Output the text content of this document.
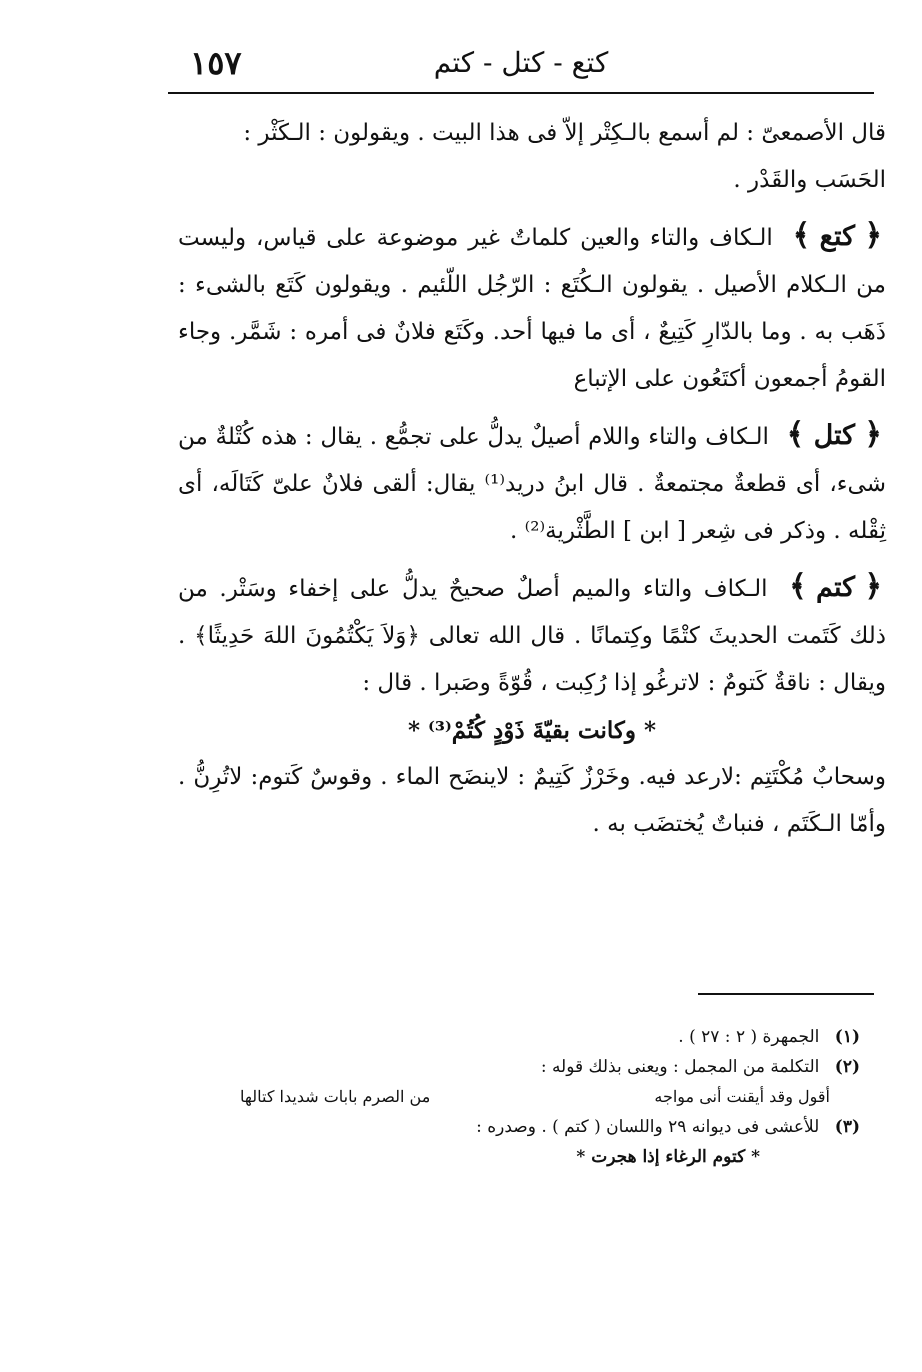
١٥٧	كتع - كتل - كتم

قال الأصمعىّ : لم أسمع بالـكِتْر إلاّ فى هذا البيت . ويقولون : الـكَثْر :

الحَسَب والقَدْر .

﴿ كتع ﴾ الـكاف والتاء والعين كلماتٌ غير موضوعة على قياس، وليست من الـكلام الأصيل . يقولون الـكُتَع : الرّجُل اللّئيم . ويقولون كَتَع بالشىء : ذَهَب به . وما بالدّارِ كَتِيعٌ ، أى ما فيها أحد. وكَتَع فلانٌ فى أمره : شَمَّر. وجاء القومُ أجمعون أكتَعُون على الإتباع

﴿ كتل ﴾ الـكاف والتاء واللام أصيلٌ يدلُّ على تجمُّع . يقال : هذه كُتْلةٌ من شىء، أى قطعةٌ مجتمعةٌ . قال ابنُ دريد⁽¹⁾ يقال: ألقى فلانٌ علىّ كَتَالَه، أى ثِقْله . وذكر فى شِعر [ ابن ] الطَّثْرية⁽²⁾ .

﴿ كتم ﴾ الـكاف والتاء والميم أصلٌ صحيحٌ يدلُّ على إخفاء وسَتْر. من ذلك كَتَمت الحديثَ كتْمًا وكِتمانًا . قال الله تعالى ﴿وَلاَ يَكْتُمُونَ اللهَ حَدِيثًا﴾ . ويقال : ناقةٌ كَتومٌ : لاترغُو إذا رُكِبت ، قُوّةً وصَبرا . قال :

* وكانت بقيّةَ ذَوْدٍ كُتُمْ⁽³⁾ *

وسحابٌ مُكْتَتِم :لارعد فيه. وخَرْزٌ كَتِيمٌ : لاينضَح الماء . وقوسٌ كَتوم: لاتُرِنُّ . وأمّا الـكَتَم ، فنباتٌ يُختضَب به .

(١) الجمهرة ( ٢ : ٢٧ ) .

(٢) التكلمة من المجمل : ويعنى بذلك قوله :

أقول وقد أيقنت أنى مواجه
من الصرم بابات شديدا كتالها

(٣) للأعشى فى ديوانه ٢٩ واللسان ( كتم ) . وصدره :

* كتوم الرغاء إذا هجرت *
